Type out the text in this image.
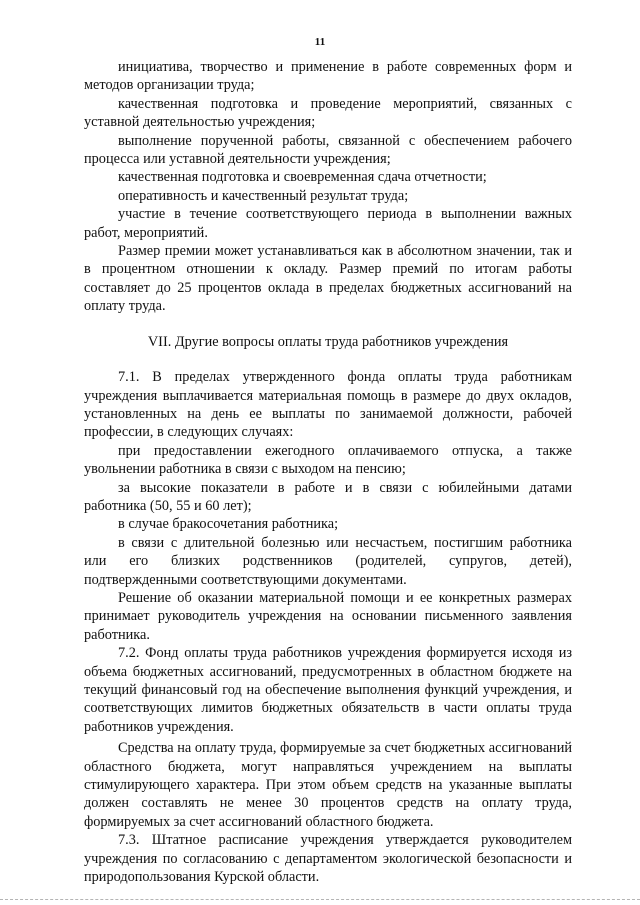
11

инициатива, творчество и применение в работе современных форм и методов организации труда;

качественная подготовка и проведение мероприятий, связанных с уставной деятельностью учреждения;

выполнение порученной работы, связанной с обеспечением рабочего процесса или уставной деятельности учреждения;

качественная подготовка и своевременная сдача отчетности;

оперативность и качественный результат труда;

участие в течение соответствующего периода в выполнении важных работ, мероприятий.

Размер премии может устанавливаться как в абсолютном значении, так и в процентном отношении к окладу. Размер премий по итогам работы составляет до 25 процентов оклада в пределах бюджетных ассигнований на оплату труда.

VII. Другие вопросы оплаты труда работников учреждения

7.1. В пределах утвержденного фонда оплаты труда работникам учреждения выплачивается материальная помощь в размере до двух окладов, установленных на день ее выплаты по занимаемой должности, рабочей профессии, в следующих случаях:

при предоставлении ежегодного оплачиваемого отпуска, а также увольнении работника в связи с выходом на пенсию;

за высокие показатели в работе и в связи с юбилейными датами работника (50, 55 и 60 лет);

в случае бракосочетания работника;

в связи с длительной болезнью или несчастьем, постигшим работника или его близких родственников (родителей, супругов, детей), подтвержденными соответствующими документами.

Решение об оказании материальной помощи и ее конкретных размерах принимает руководитель учреждения на основании письменного заявления работника.

7.2. Фонд оплаты труда работников учреждения формируется исходя из объема бюджетных ассигнований, предусмотренных в областном бюджете на текущий финансовый год на обеспечение выполнения функций учреждения, и соответствующих лимитов бюджетных обязательств в части оплаты труда работников учреждения.

Средства на оплату труда, формируемые за счет бюджетных ассигнований областного бюджета, могут направляться учреждением на выплаты стимулирующего характера. При этом объем средств на указанные выплаты должен составлять не менее 30 процентов средств на оплату труда, формируемых за счет ассигнований областного бюджета.

7.3. Штатное расписание учреждения утверждается руководителем учреждения по согласованию с департаментом экологической безопасности и природопользования Курской области.
